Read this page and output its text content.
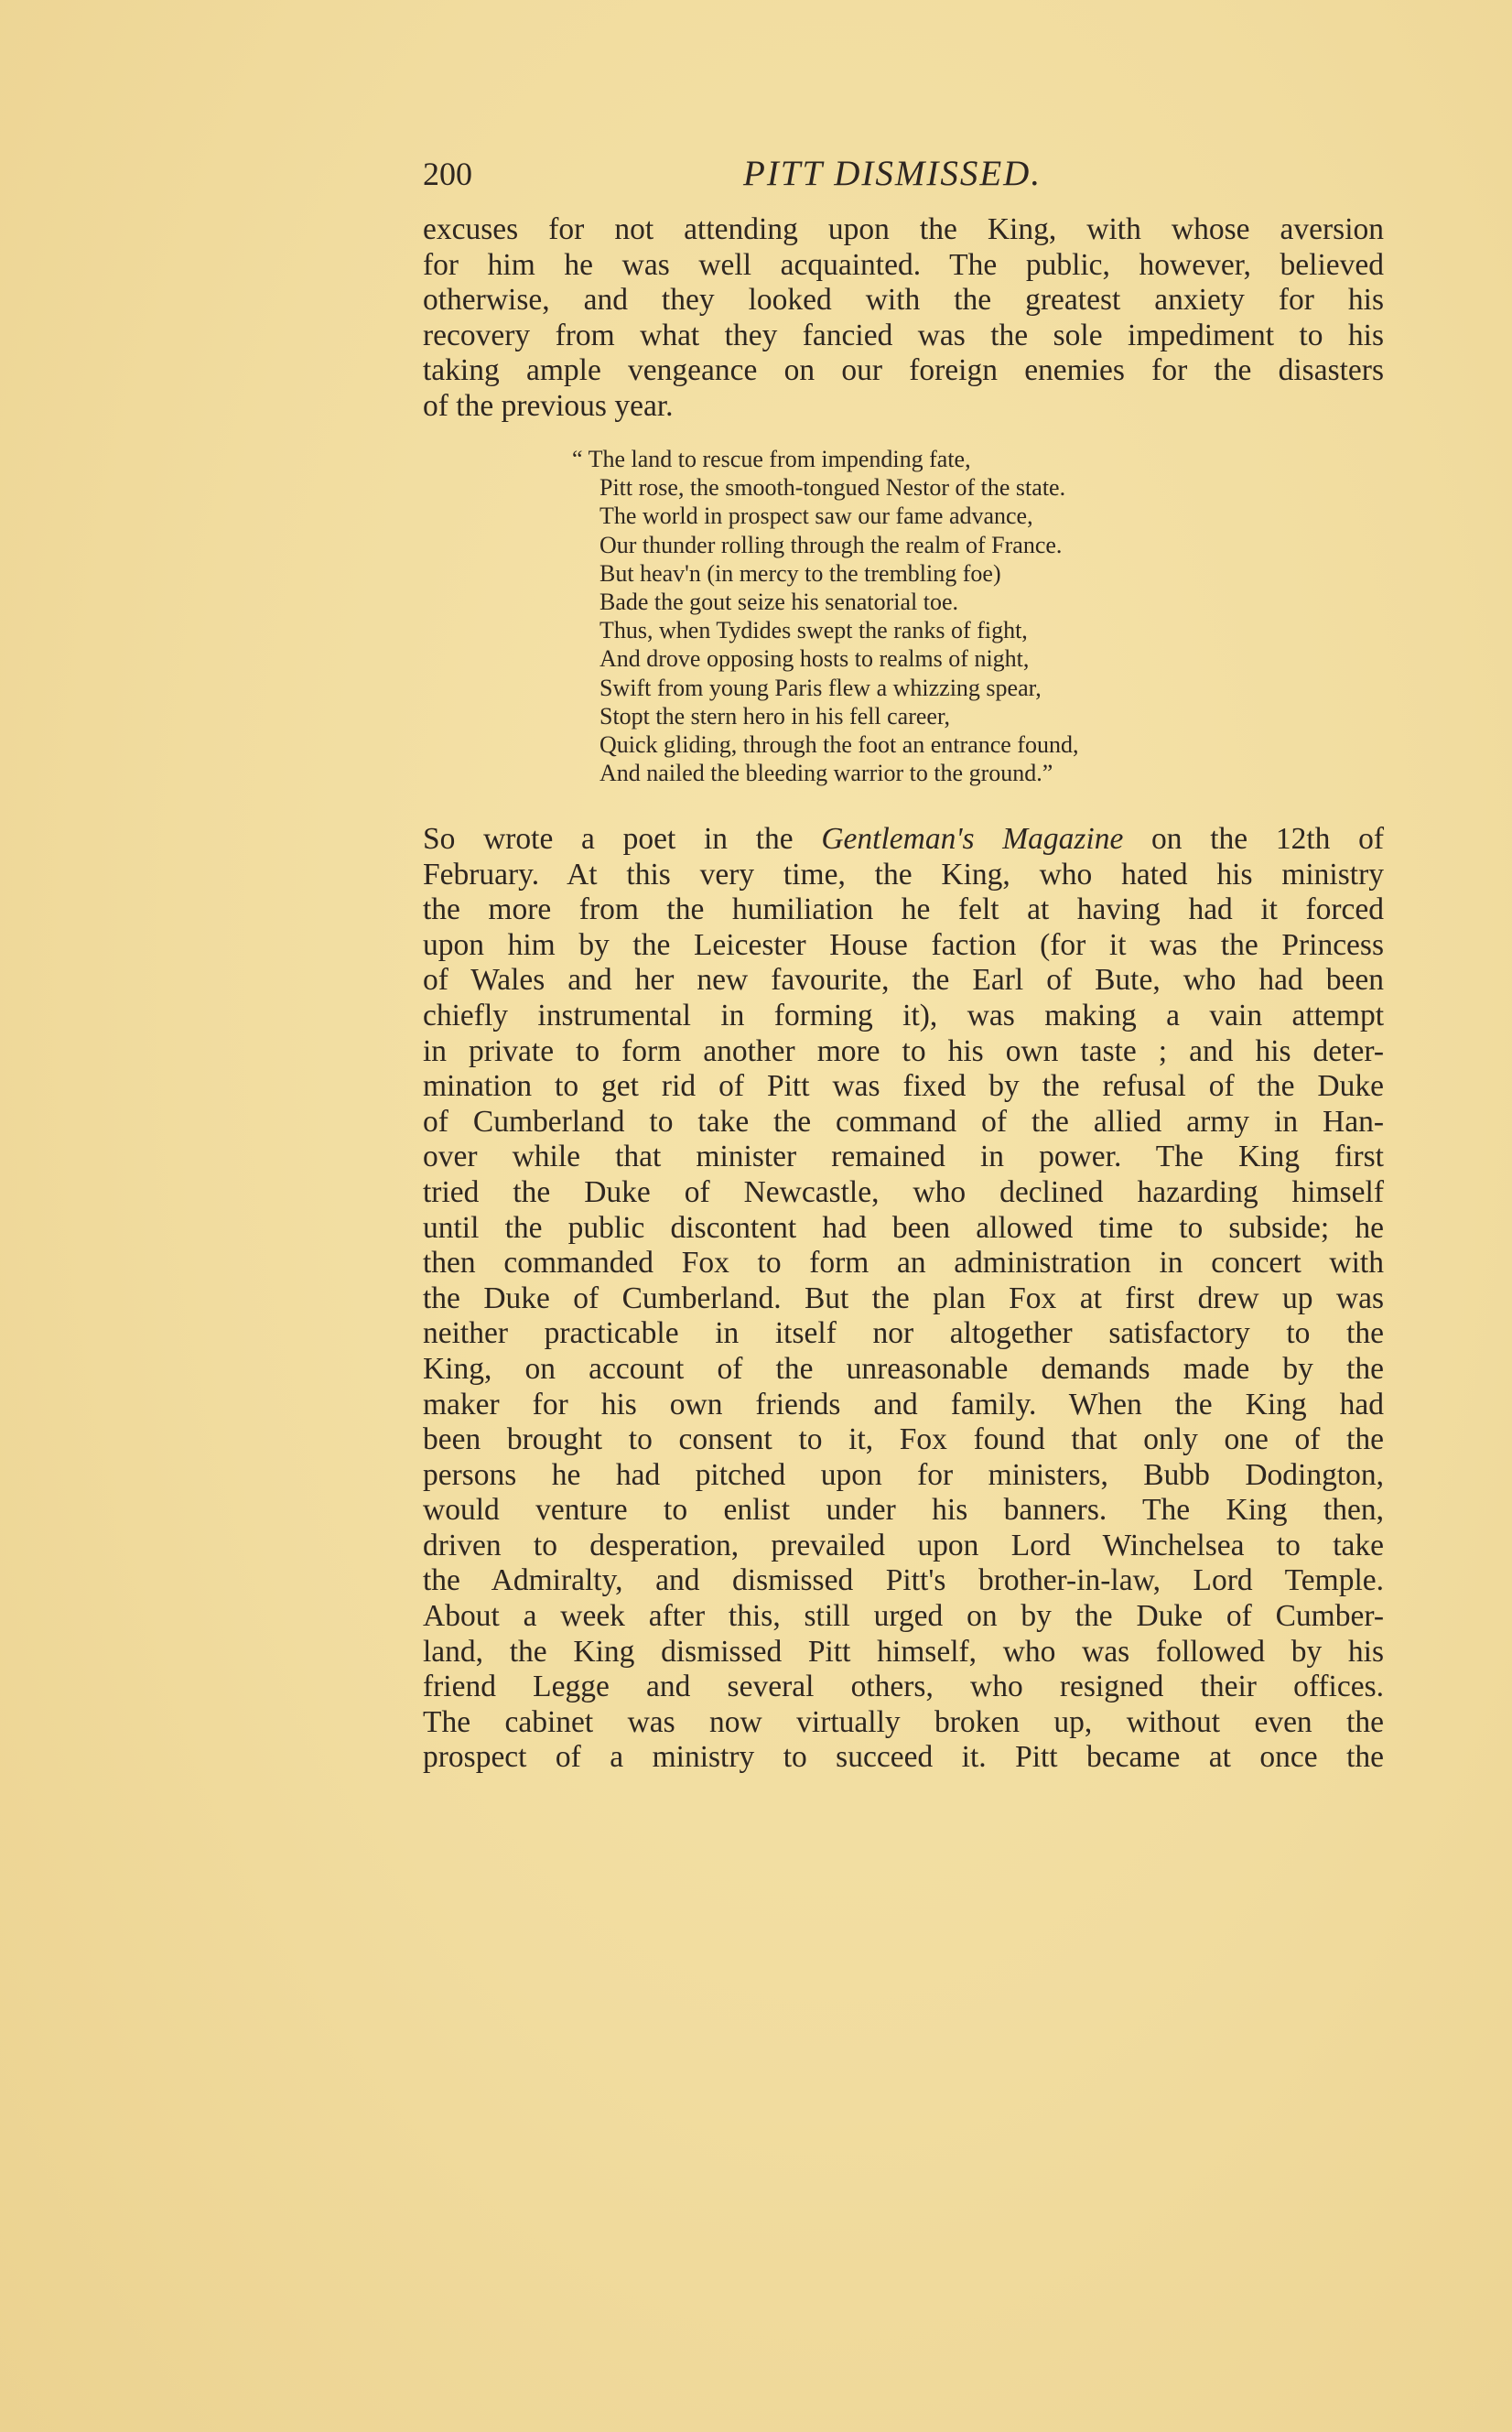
200	PITT DISMISSED.

excuses for not attending upon the King, with whose aversion
for him he was well acquainted. The public, however, believed
otherwise, and they looked with the greatest anxiety for his
recovery from what they fancied was the sole impediment to his
taking ample vengeance on our foreign enemies for the disasters
of the previous year.

“ The land to rescue from impending fate,
Pitt rose, the smooth-tongued Nestor of the state.
The world in prospect saw our fame advance,
Our thunder rolling through the realm of France.
But heav'n (in mercy to the trembling foe)
Bade the gout seize his senatorial toe.
Thus, when Tydides swept the ranks of fight,
And drove opposing hosts to realms of night,
Swift from young Paris flew a whizzing spear,
Stopt the stern hero in his fell career,
Quick gliding, through the foot an entrance found,
And nailed the bleeding warrior to the ground.”

So wrote a poet in the Gentleman's Magazine on the 12th of
February. At this very time, the King, who hated his ministry
the more from the humiliation he felt at having had it forced
upon him by the Leicester House faction (for it was the Princess
of Wales and her new favourite, the Earl of Bute, who had been
chiefly instrumental in forming it), was making a vain attempt
in private to form another more to his own taste ; and his deter-
mination to get rid of Pitt was fixed by the refusal of the Duke
of Cumberland to take the command of the allied army in Han-
over while that minister remained in power. The King first
tried the Duke of Newcastle, who declined hazarding himself
until the public discontent had been allowed time to subside; he
then commanded Fox to form an administration in concert with
the Duke of Cumberland. But the plan Fox at first drew up was
neither practicable in itself nor altogether satisfactory to the
King, on account of the unreasonable demands made by the
maker for his own friends and family. When the King had
been brought to consent to it, Fox found that only one of the
persons he had pitched upon for ministers, Bubb Dodington,
would venture to enlist under his banners. The King then,
driven to desperation, prevailed upon Lord Winchelsea to take
the Admiralty, and dismissed Pitt's brother-in-law, Lord Temple.
About a week after this, still urged on by the Duke of Cumber-
land, the King dismissed Pitt himself, who was followed by his
friend Legge and several others, who resigned their offices.
The cabinet was now virtually broken up, without even the
prospect of a ministry to succeed it. Pitt became at once the
